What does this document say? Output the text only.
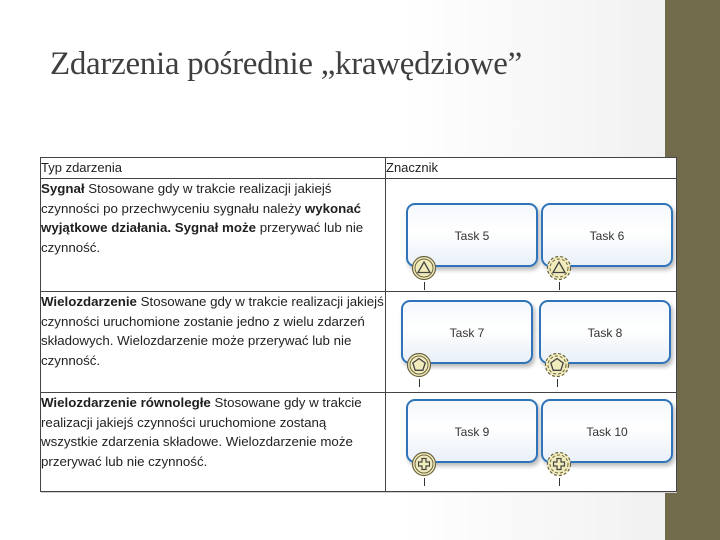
Zdarzenia pośrednie „krawędziowe”
Typ zdarzenia	Znacznik
Sygnał Stosowane gdy w trakcie realizacji jakiejś czynności po przechwyceniu sygnału należy wykonać wyjątkowe działania. Sygnał może przerywać lub nie czynność.	Task 5 Task 6

Wielozdarzenie Stosowane gdy w trakcie realizacji jakiejś czynności uruchomione zostanie jedno z wielu zdarzeń składowych. Wielozdarzenie może przerywać lub nie czynność.	Task 7 Task 8

Wielozdarzenie równoległe Stosowane gdy w trakcie realizacji jakiejś czynności uruchomione zostaną wszystkie zdarzenia składowe. Wielozdarzenie może przerywać lub nie czynność.	Task 9 Task 10
